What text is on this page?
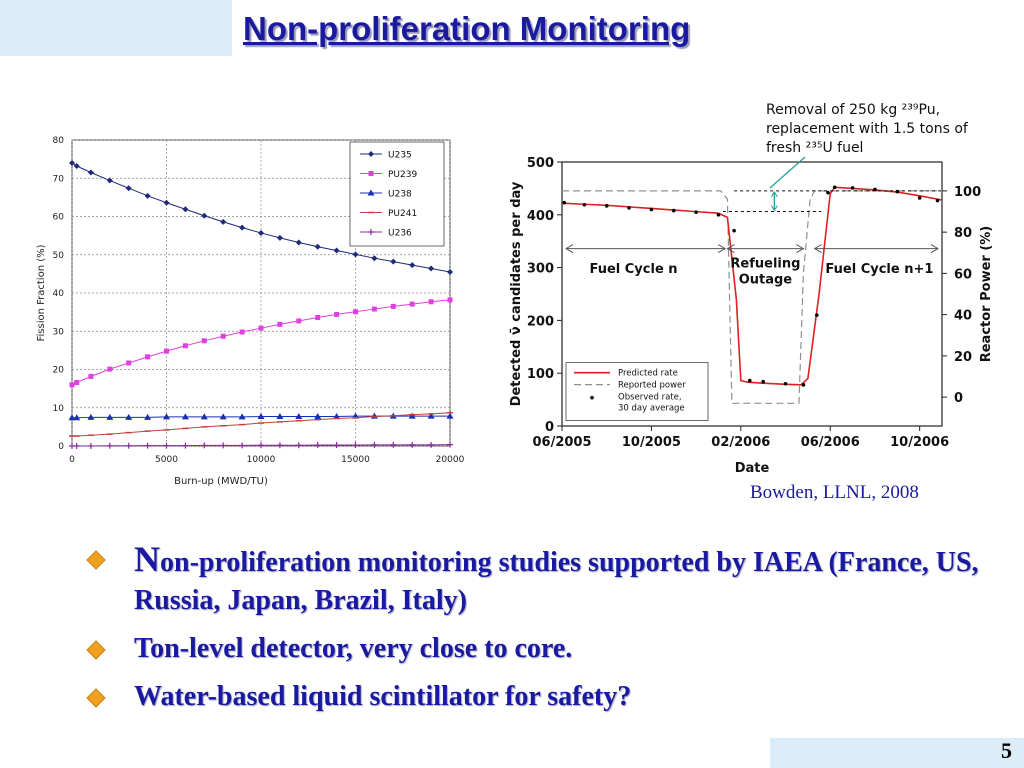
Non-proliferation Monitoring
0
10
20
30
40
50
60
70
80
0	5000	10000	15000	20000
Burn-up (MWD/TU)
Fission Fraction (%)
U235
PU239
U238
PU241
U236
0
100
200
300
400
500
0
20
40
60
80
100
06/2005 10/2005 02/2006 06/2006 10/2006
Date
Detected ν̄ candidates per day	Reactor Power (%)
Removal of 250 kg ²³⁹Pu,
replacement with 1.5 tons of
fresh ²³⁵U fuel
Fuel Cycle n	Refueling
Outage
Fuel Cycle n+1
Predicted rate
Reported power
Observed rate,
30 day average
Bowden, LLNL, 2008
Non-proliferation monitoring studies supported by IAEA (France, US, Russia, Japan, Brazil, Italy)
Ton-level detector, very close to core.
Water-based liquid scintillator for safety?
5
